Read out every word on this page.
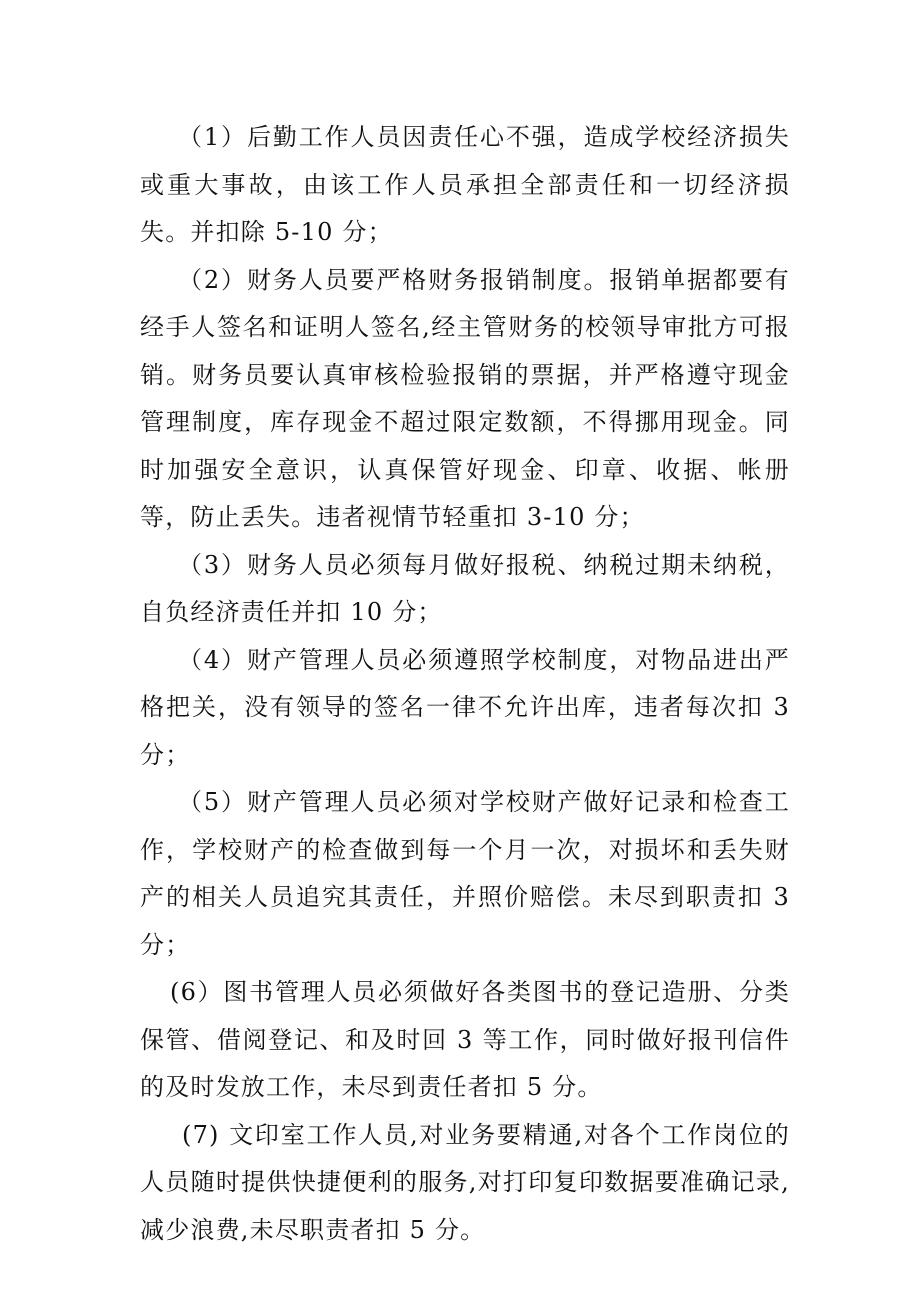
（1）后勤工作人员因责任心不强，造成学校经济损失或重大事故，由该工作人员承担全部责任和一切经济损失。并扣除 5-10 分；

（2）财务人员要严格财务报销制度。报销单据都要有经手人签名和证明人签名,经主管财务的校领导审批方可报销。财务员要认真审核检验报销的票据，并严格遵守现金管理制度，库存现金不超过限定数额，不得挪用现金。同时加强安全意识，认真保管好现金、印章、收据、帐册等，防止丢失。违者视情节轻重扣 3-10 分；

（3）财务人员必须每月做好报税、纳税过期未纳税，自负经济责任并扣 10 分；

（4）财产管理人员必须遵照学校制度，对物品进出严格把关，没有领导的签名一律不允许出库，违者每次扣 3 分；

（5）财产管理人员必须对学校财产做好记录和检查工作，学校财产的检查做到每一个月一次，对损坏和丢失财产的相关人员追究其责任，并照价赔偿。未尽到职责扣 3 分；

(6）图书管理人员必须做好各类图书的登记造册、分类保管、借阅登记、和及时回 3 等工作，同时做好报刊信件的及时发放工作，未尽到责任者扣 5 分。

(7) 文印室工作人员,对业务要精通,对各个工作岗位的人员随时提供快捷便利的服务,对打印复印数据要准确记录,减少浪费,未尽职责者扣 5 分。
